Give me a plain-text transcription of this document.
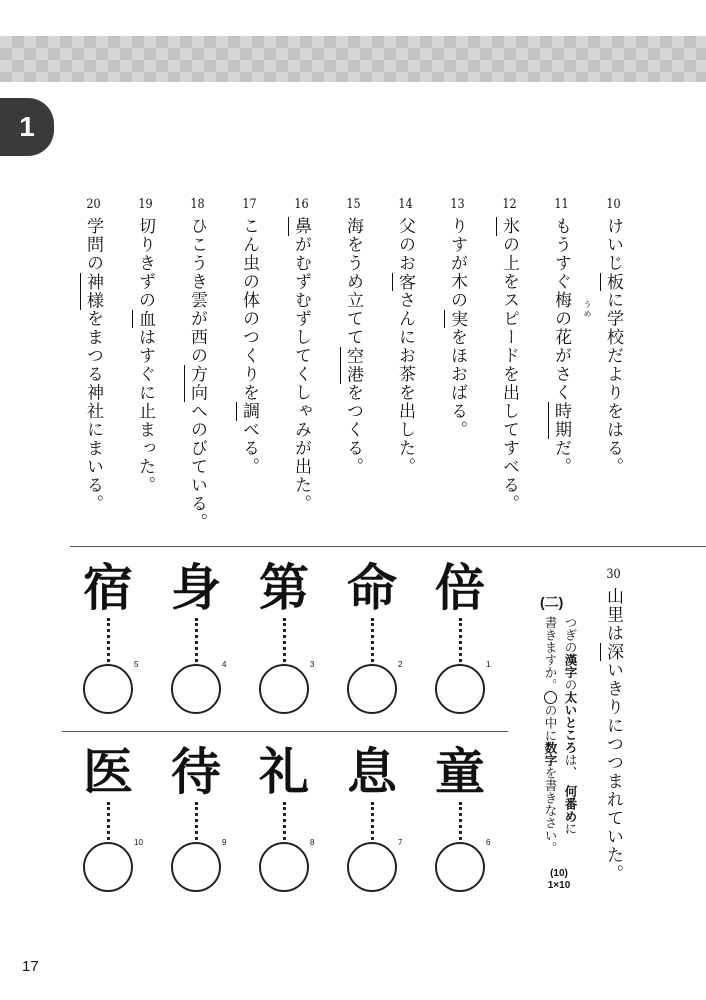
1
10けいじ板に学校だよりをはる。
うめ
11もうすぐ梅の花がさく時期だ。
12氷の上をスピードを出してすべる。
13りすが木の実をほおばる。
14父のお客さんにお茶を出した。
15海をうめ立てて空港をつくる。
16鼻がむずむずしてくしゃみが出た。
17こん虫の体のつくりを調べる。
18ひこうき雲が西の方向へのびている。
19切りきずの血はすぐに止まった。
20学問の神様をまつる神社にまいる。
30山里は深いきりにつつまれていた。
(二)
つぎの漢字の太いところは、何番めに
書きますか。の中に数字を書きなさい。
(10)
1×10
倍
1
命
2
第
3
身
4
宿
5
童
6
息
7
礼
8
待
9
医
10
17
